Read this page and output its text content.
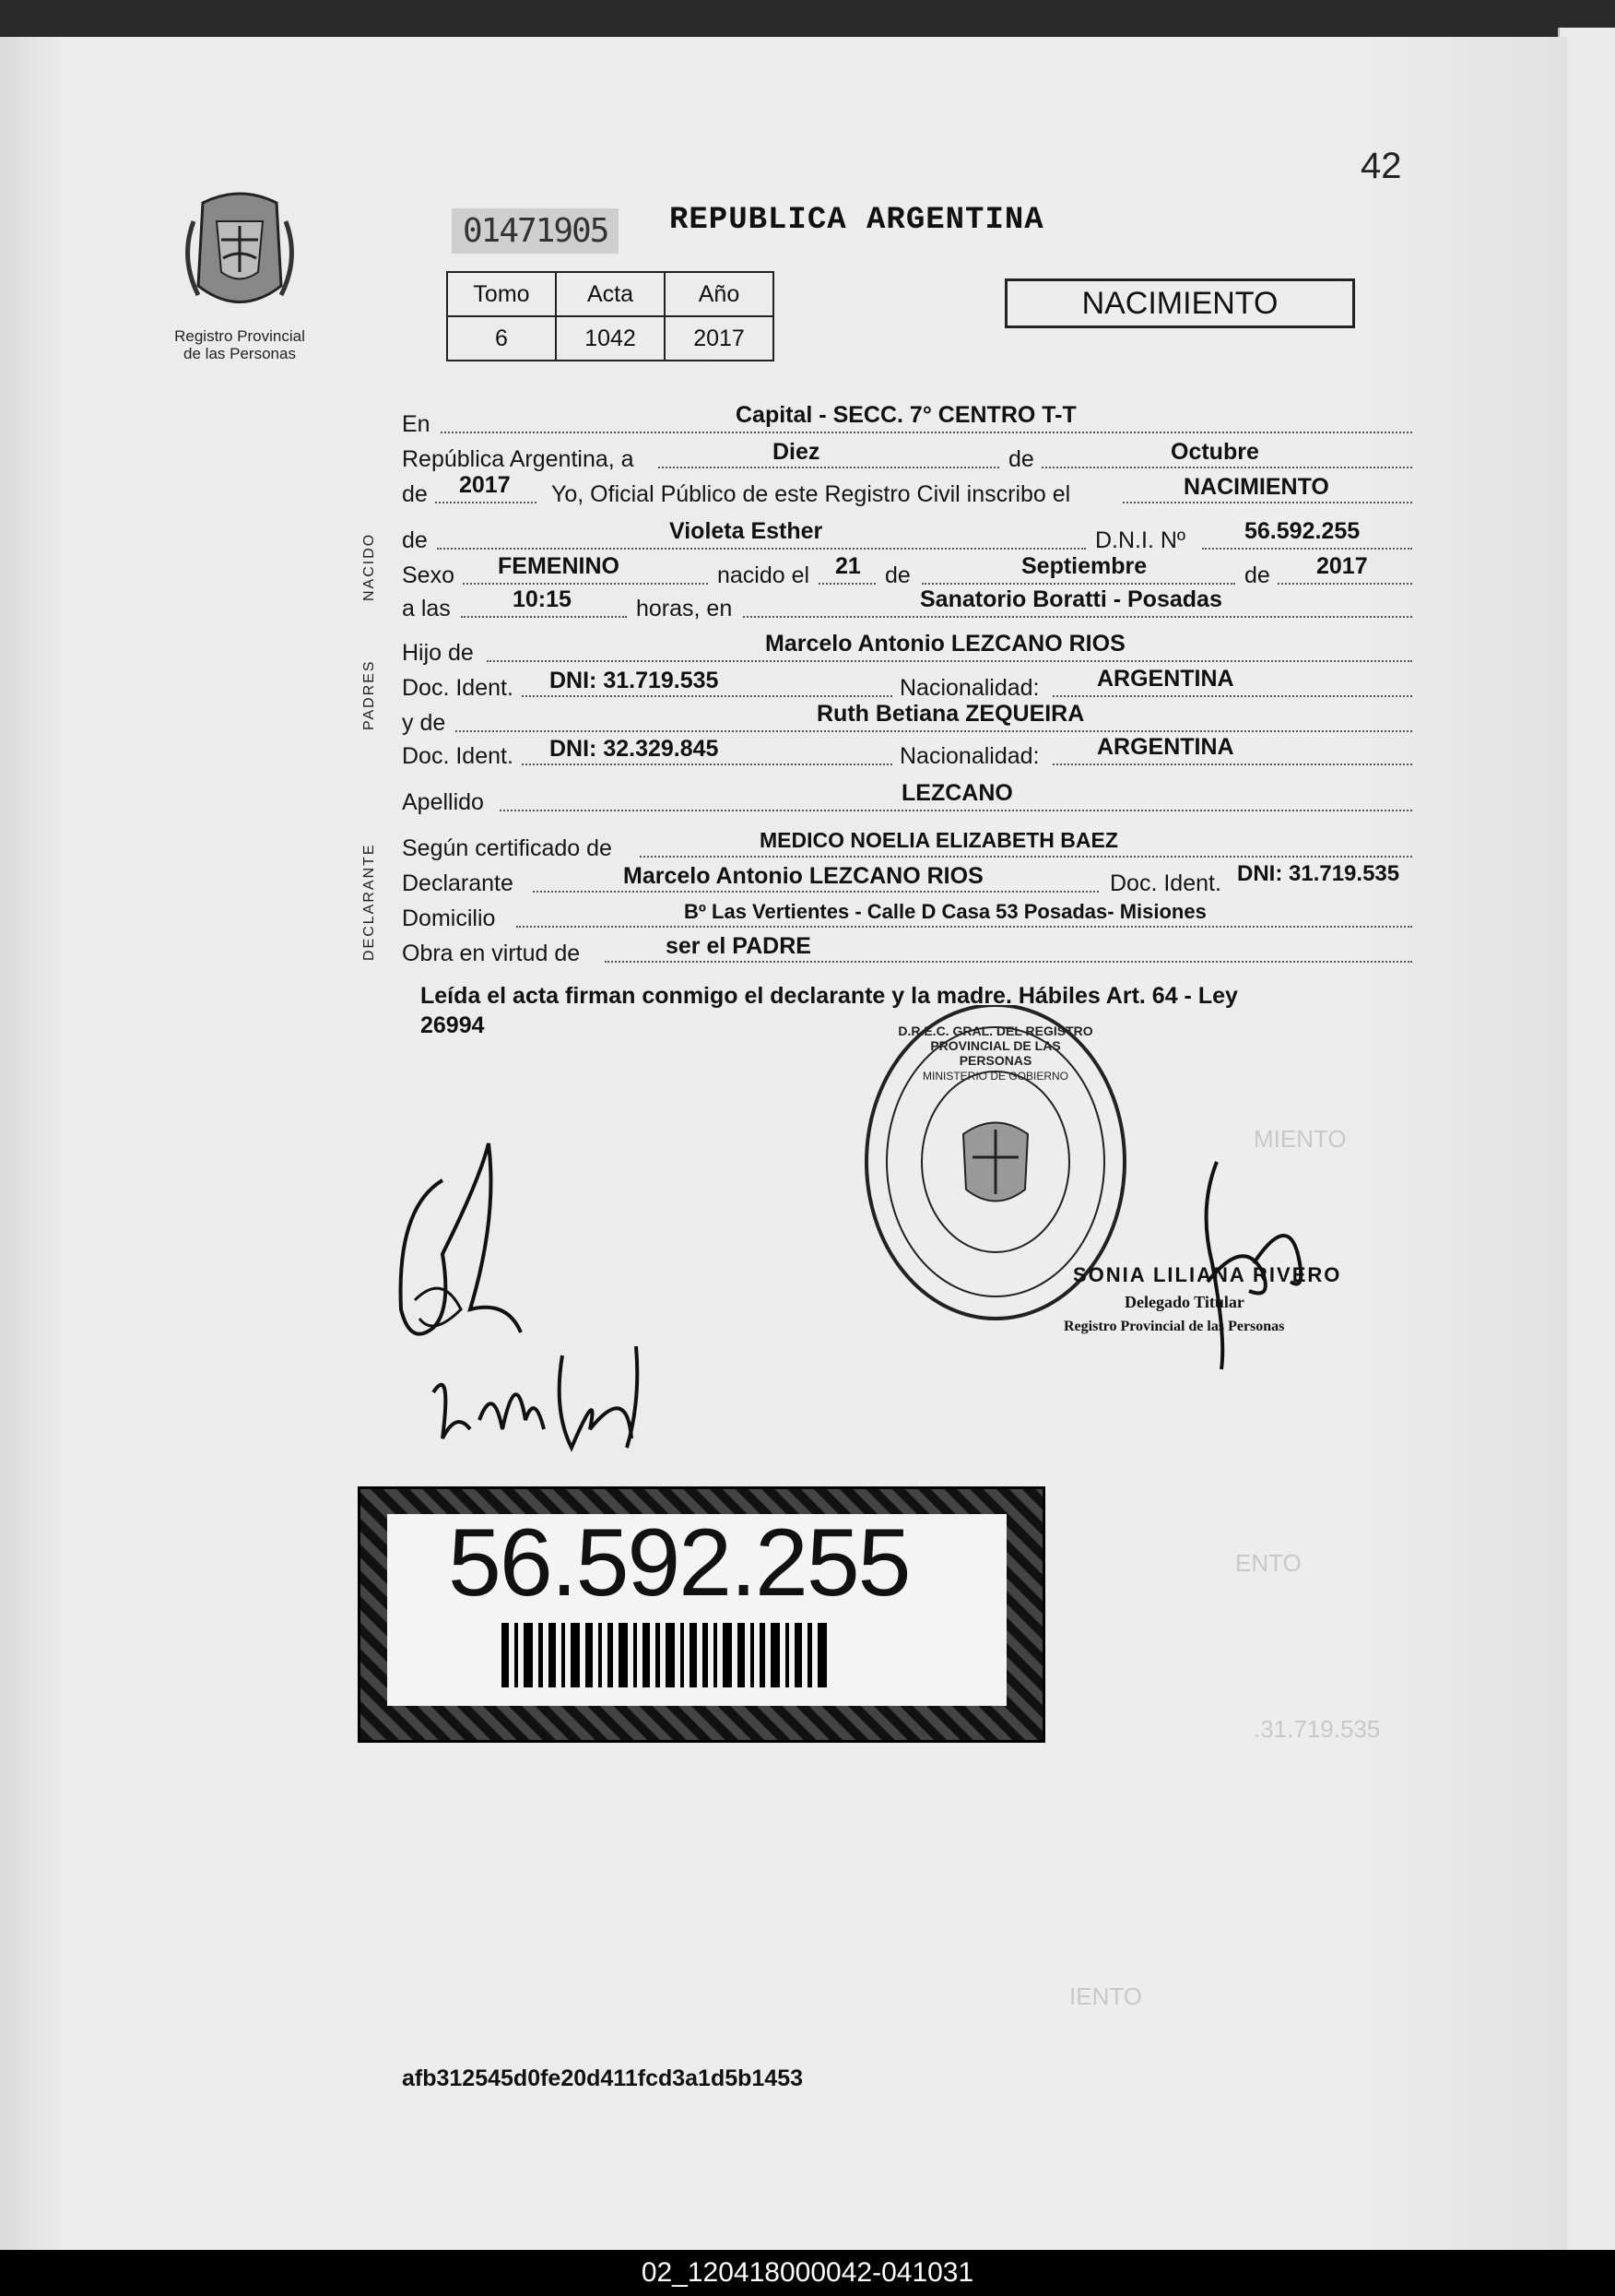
MIENTO
ENTO
.31.719.535
IENTO
42
Registro Provincial
de las Personas
01471905	REPUBLICA ARGENTINA
Tomo	Acta	Año
6	1042	2017
NACIMIENTO
NACIDO
PADRES
DECLARANTE
En	Capital - SECC. 7° CENTRO T-T
República Argentina, a	Diez	de	Octubre
de 2017 Yo, Oficial Público de este Registro Civil inscribo el	NACIMIENTO
de	Violeta Esther	D.N.I. Nº	56.592.255
Sexo FEMENINO	nacido el 21 de	Septiembre	de 2017
a las	10:15	horas, en	Sanatorio Boratti - Posadas
Hijo de	Marcelo Antonio LEZCANO RIOS
Doc. Ident. DNI: 31.719.535	Nacionalidad:	ARGENTINA
y de	Ruth Betiana ZEQUEIRA
Doc. Ident. DNI: 32.329.845	Nacionalidad:	ARGENTINA
Apellido	LEZCANO
Según certificado de	MEDICO NOELIA ELIZABETH BAEZ
Declarante	Marcelo Antonio LEZCANO RIOS	Doc. Ident. DNI: 31.719.535
Domicilio	Bº Las Vertientes - Calle D Casa 53 Posadas- Misiones
Obra en virtud de	ser el PADRE
Leída el acta firman conmigo el declarante y la madre. Hábiles Art. 64 - Ley
26994	D.R.E.C. GRAL. DEL REGISTRO PROVINCIAL DE LAS PERSONAS
MINISTERIO DE GOBIERNO
SONIA LILIANA RIVERO
Delegado Titular
Registro Provincial de las Personas
56.592.255
afb312545d0fe20d411fcd3a1d5b1453
02_120418000042-041031
